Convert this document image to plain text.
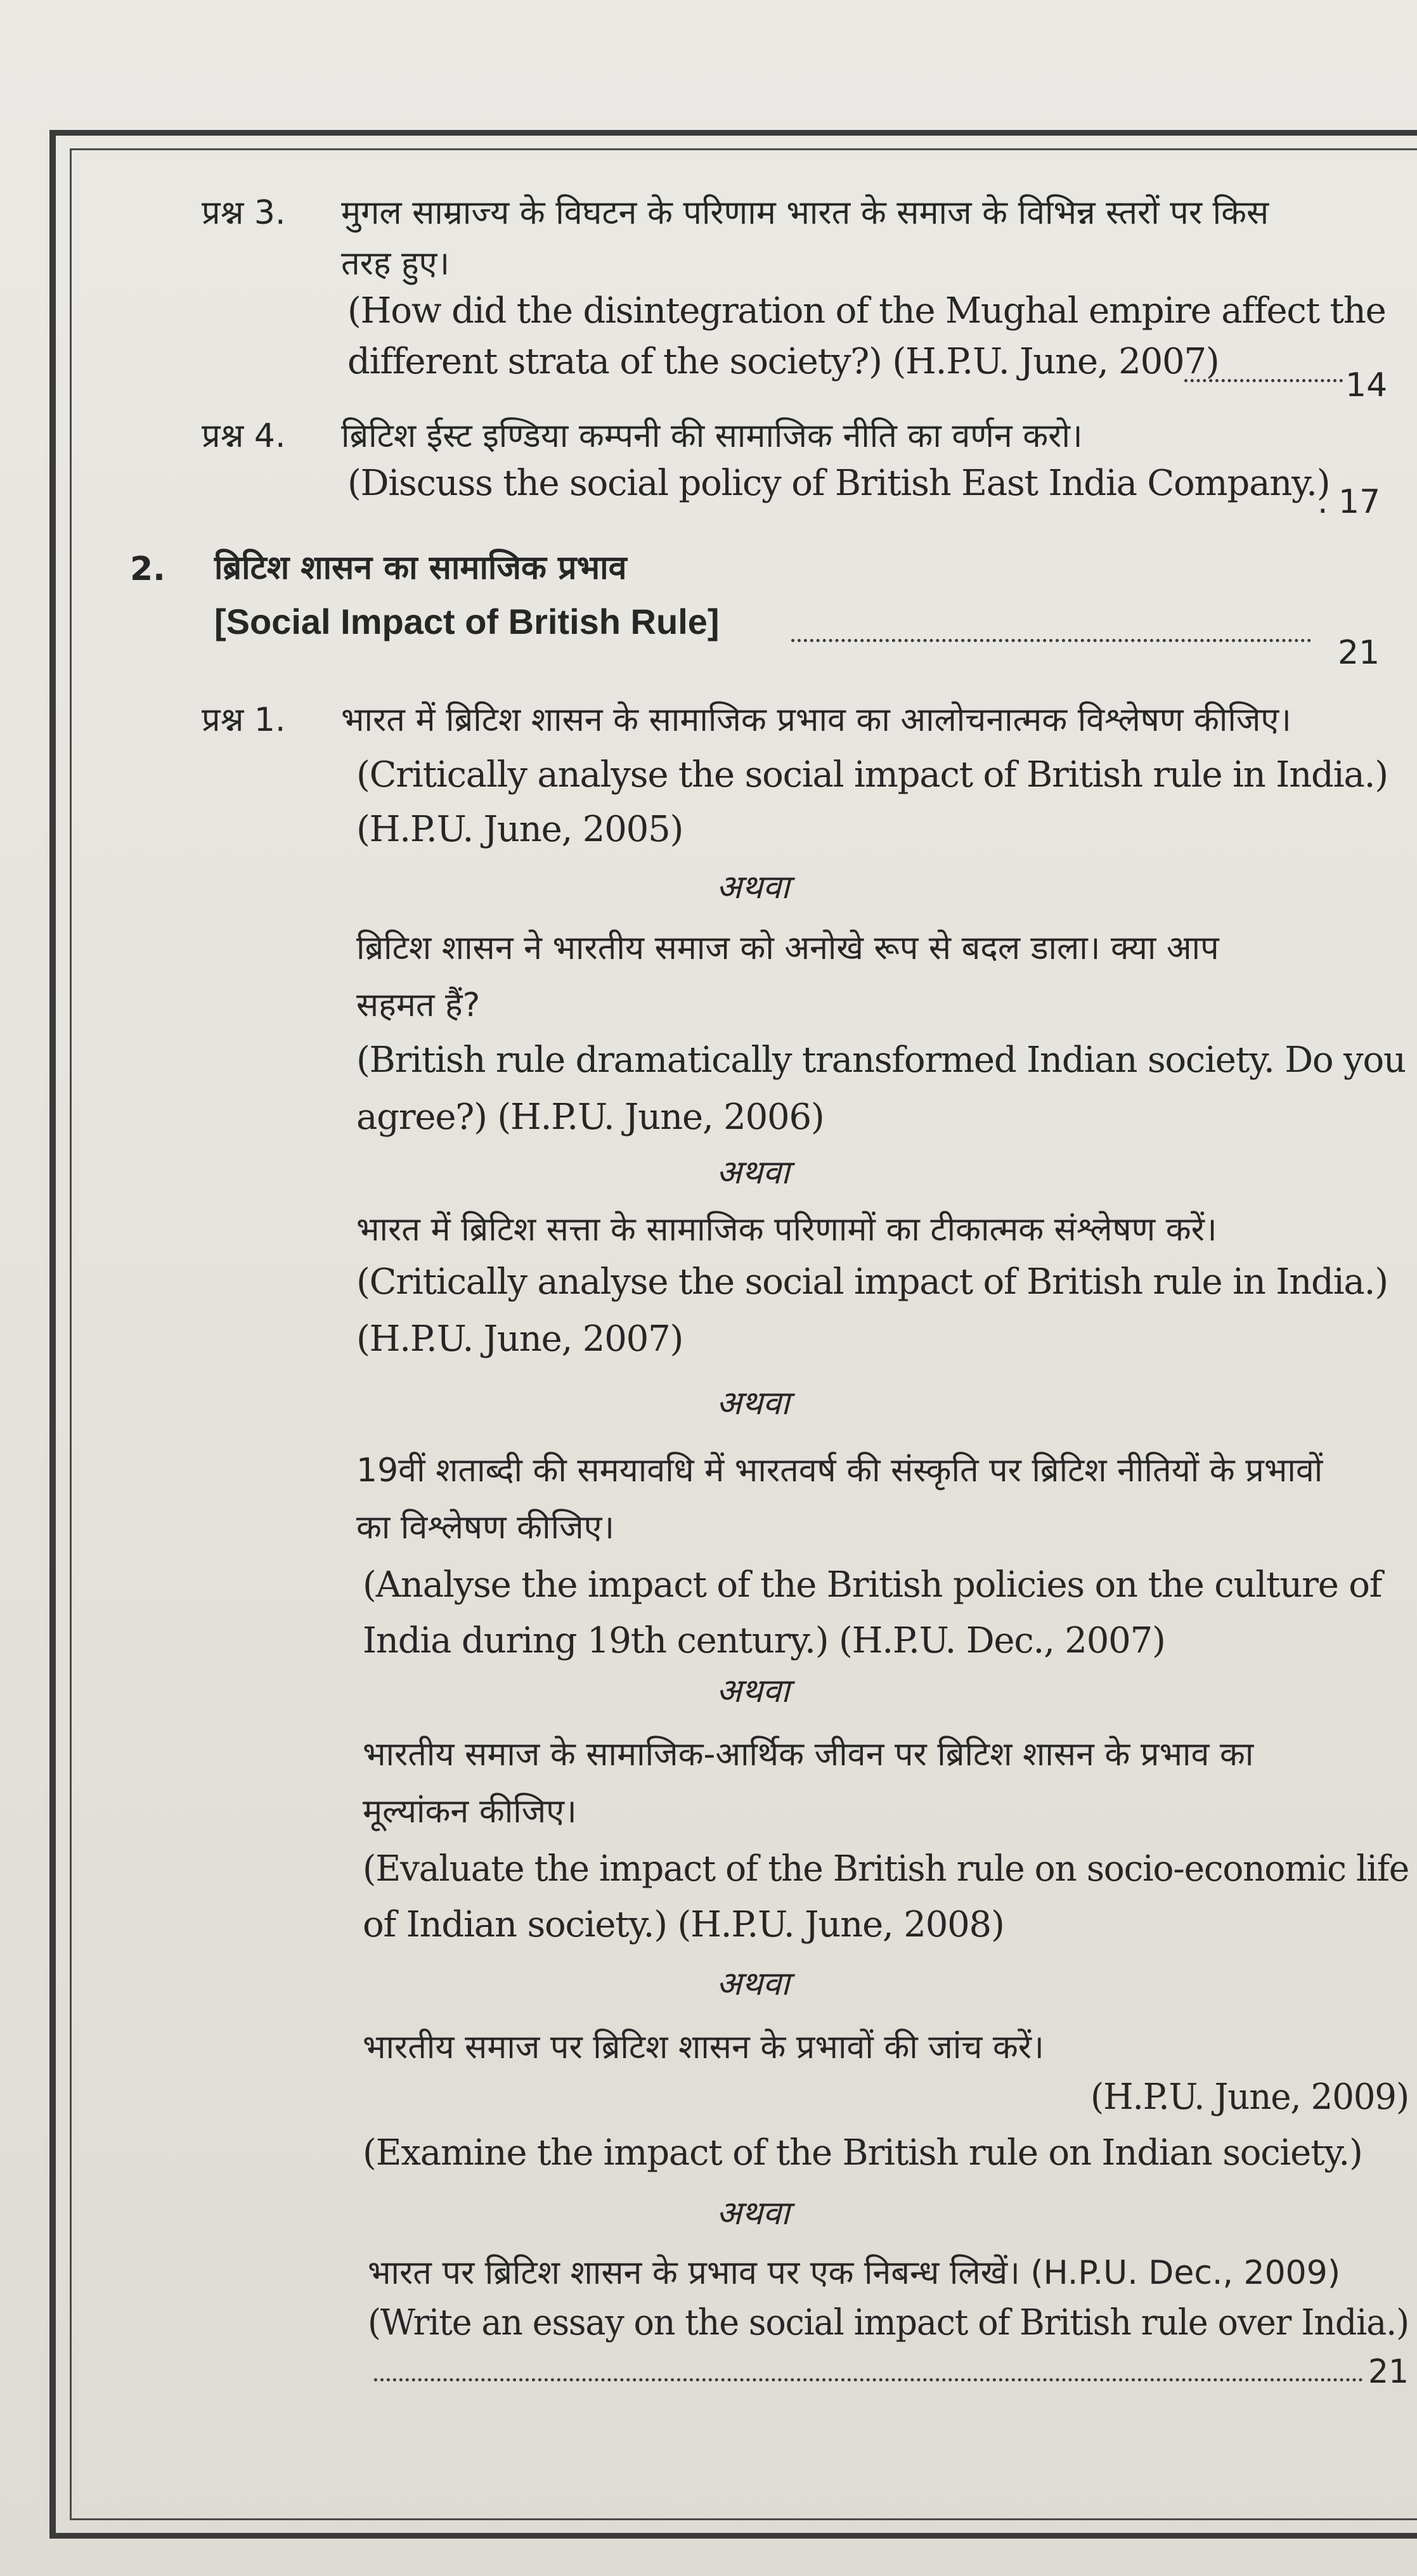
प्रश्न 3. मुगल साम्राज्य के विघटन के परिणाम भारत के समाज के विभिन्न स्तरों पर किस
तरह हुए।
(How did the disintegration of the Mughal empire affect the
different strata of the society?) (H.P.U. June, 2007)
14
प्रश्न 4. ब्रिटिश ईस्ट इण्डिया कम्पनी की सामाजिक नीति का वर्णन करो।
(Discuss the social policy of British East India Company.)
. 17
2. ब्रिटिश शासन का सामाजिक प्रभाव
[Social Impact of British Rule]
21
प्रश्न 1. भारत में ब्रिटिश शासन के सामाजिक प्रभाव का आलोचनात्मक विश्लेषण कीजिए।
(Critically analyse the social impact of British rule in India.)
(H.P.U. June, 2005)
अथवा
ब्रिटिश शासन ने भारतीय समाज को अनोखे रूप से बदल डाला। क्या आप
सहमत हैं?
(British rule dramatically transformed Indian society. Do you
agree?) (H.P.U. June, 2006)
अथवा
भारत में ब्रिटिश सत्ता के सामाजिक परिणामों का टीकात्मक संश्लेषण करें।
(Critically analyse the social impact of British rule in India.)
(H.P.U. June, 2007)
अथवा
19वीं शताब्दी की समयावधि में भारतवर्ष की संस्कृति पर ब्रिटिश नीतियों के प्रभावों
का विश्लेषण कीजिए।
(Analyse the impact of the British policies on the culture of
India during 19th century.) (H.P.U. Dec., 2007)
अथवा
भारतीय समाज के सामाजिक-आर्थिक जीवन पर ब्रिटिश शासन के प्रभाव का
मूल्यांकन कीजिए।
(Evaluate the impact of the British rule on socio-economic life
of Indian society.) (H.P.U. June, 2008)
अथवा
भारतीय समाज पर ब्रिटिश शासन के प्रभावों की जांच करें।
(H.P.U. June, 2009)
(Examine the impact of the British rule on Indian society.)
अथवा
भारत पर ब्रिटिश शासन के प्रभाव पर एक निबन्ध लिखें। (H.P.U. Dec., 2009)
(Write an essay on the social impact of British rule over India.)
21
